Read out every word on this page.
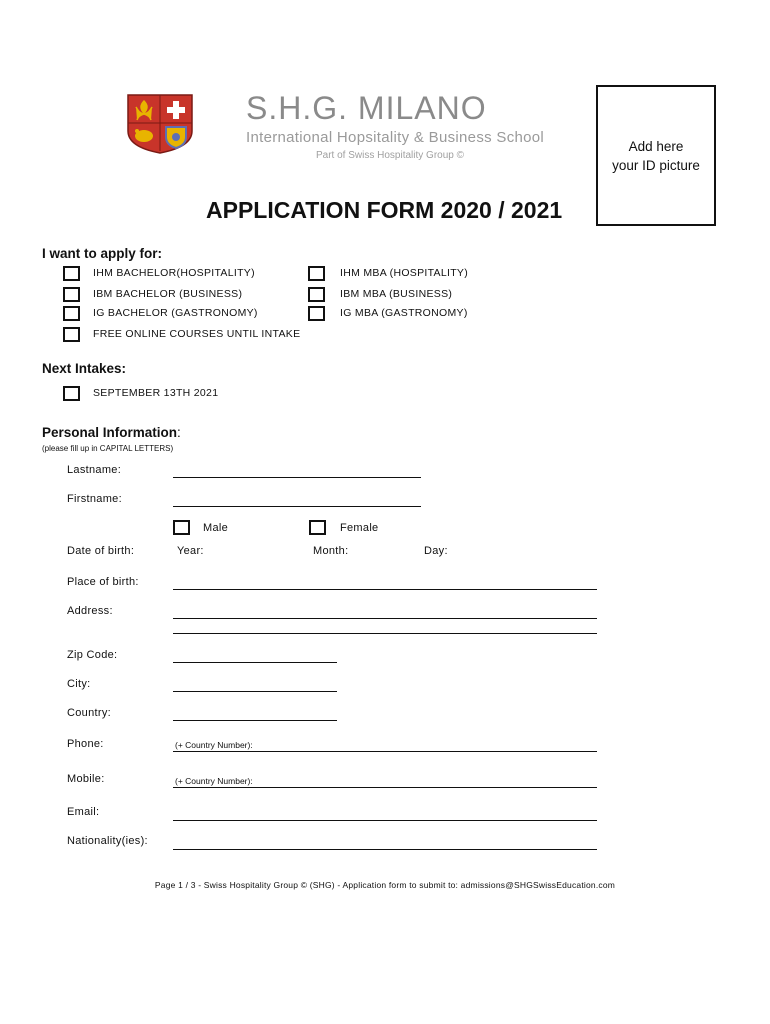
S.H.G. MILANO
International Hopsitality & Business School
Part of Swiss Hospitality Group ©
Add here
your ID picture
APPLICATION FORM 2020 / 2021
I want to apply for:
IHM BACHELOR(HOSPITALITY)
IBM BACHELOR (BUSINESS)
IG BACHELOR (GASTRONOMY)
FREE ONLINE COURSES UNTIL INTAKE
IHM MBA (HOSPITALITY)
IBM MBA (BUSINESS)
IG MBA (GASTRONOMY)
Next Intakes:
SEPTEMBER 13TH 2021
Personal Information:
(please fill up in CAPITAL LETTERS)
Lastname:
Firstname:
Male	Female
Date of birth:	Year:	Month:	Day:
Place of birth:
Address:
Zip Code:
City:
Country:
Phone:	(+ Country Number):
Mobile:	(+ Country Number):
Email:
Nationality(ies):
Page 1 / 3 - Swiss Hospitality Group © (SHG) - Application form to submit to: admissions@SHGSwissEducation.com
